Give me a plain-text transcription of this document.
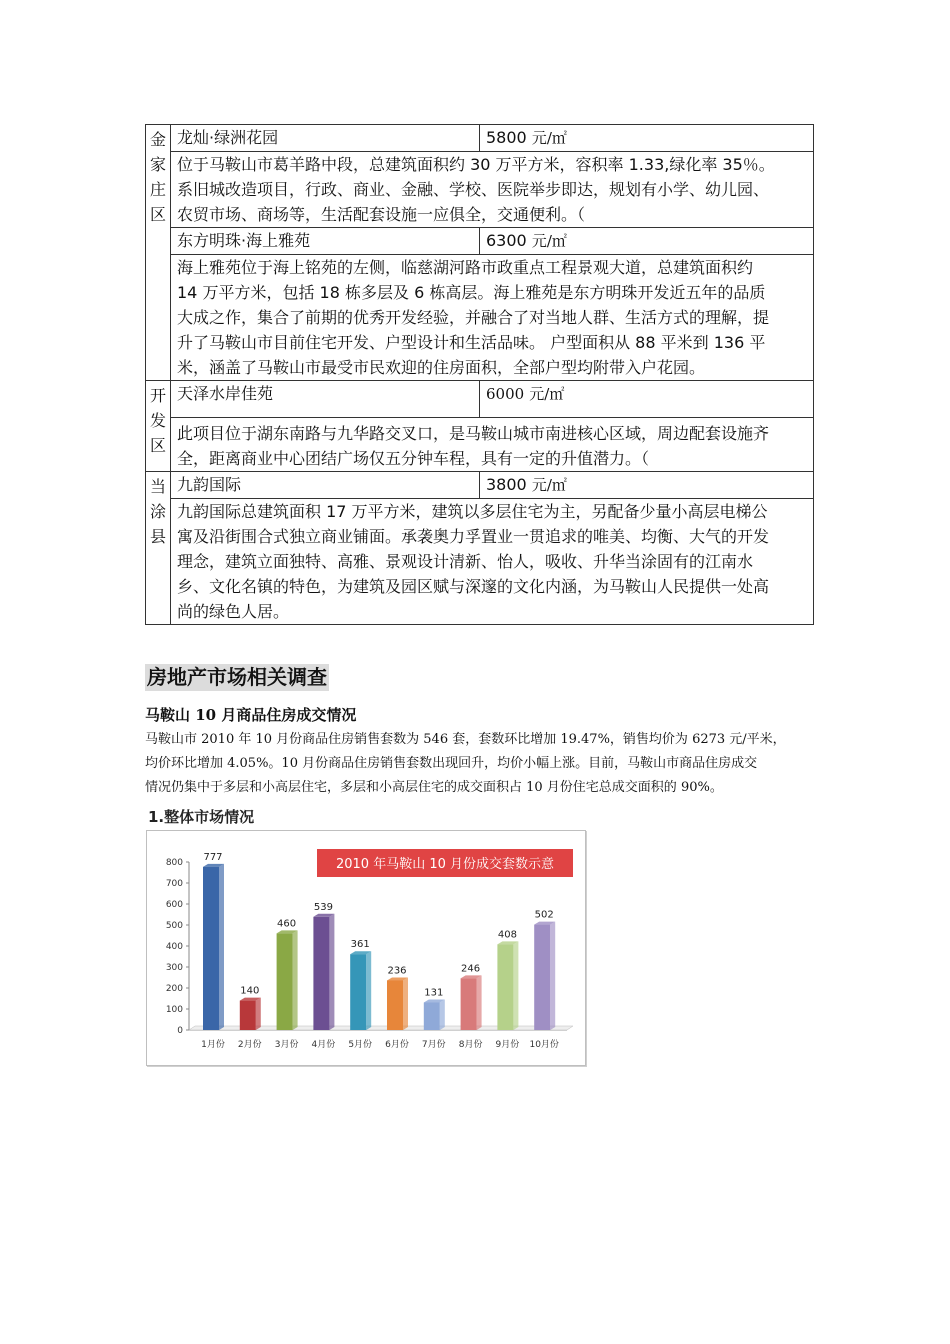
金
家
庄
区	龙灿·绿洲花园	5800 元/㎡

	位于马鞍山市葛羊路中段，总建筑面积约 30 万平方米，容积率 1.33,绿化率 35％。
系旧城改造项目，行政、商业、金融、学校、医院举步即达，规划有小学、幼儿园、
农贸市场、商场等，生活配套设施一应俱全，交通便利。（	

	东方明珠·海上雅苑	6300 元/㎡

	海上雅苑位于海上铭苑的左侧，临慈湖河路市政重点工程景观大道，总建筑面积约
14 万平方米，包括 18 栋多层及 6 栋高层。海上雅苑是东方明珠开发近五年的品质
大成之作，集合了前期的优秀开发经验，并融合了对当地人群、生活方式的理解，提
升了马鞍山市目前住宅开发、户型设计和生活品味。 户型面积从 88 平米到 136 平
米，涵盖了马鞍山市最受市民欢迎的住房面积，全部户型均附带入户花园。	

开
发
区	天泽水岸佳苑	6000 元/㎡

	此项目位于湖东南路与九华路交叉口，是马鞍山城市南进核心区域，周边配套设施齐
全，距离商业中心团结广场仅五分钟车程，具有一定的升值潜力。（	

当
涂
县	九韵国际	3800 元/㎡

	九韵国际总建筑面积 17 万平方米，建筑以多层住宅为主，另配备少量小高层电梯公
寓及沿街围合式独立商业铺面。承袭奥力孚置业一贯追求的唯美、均衡、大气的开发
理念，建筑立面独特、高雅、景观设计清新、怡人，吸收、升华当涂固有的江南水
乡、文化名镇的特色，为建筑及园区赋与深邃的文化内涵，为马鞍山人民提供一处高
尚的绿色人居。	
房地产市场相关调查
马鞍山 10 月商品住房成交情况
马鞍山市 2010 年 10 月份商品住房销售套数为 546 套，套数环比增加 19.47%，销售均价为 6273 元/平米，
均价环比增加 4.05%。10 月份商品住房销售套数出现回升，均价小幅上涨。目前，马鞍山市商品住房成交
情况仍集中于多层和小高层住宅，多层和小高层住宅的成交面积占 10 月份住宅总成交面积的 90%。
1.整体市场情况
2010 年马鞍山 10 月份成交套数示意
0
100
200
300
400
500
600
700
800
777
1月份
140
2月份
460
3月份
539
4月份
361
5月份
236
6月份
131
7月份
246
8月份
408
9月份
502
10月份
